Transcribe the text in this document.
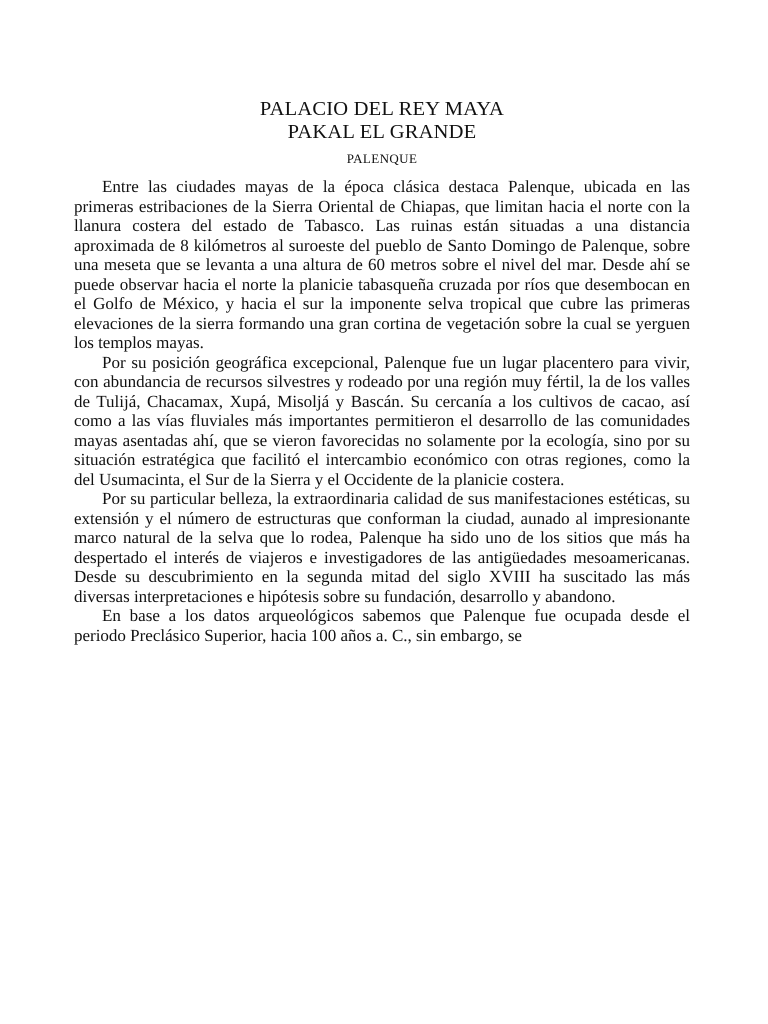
PALACIO DEL REY MAYA
PAKAL EL GRANDE
PALENQUE

Entre las ciudades mayas de la época clásica destaca Palenque, ubicada en las primeras estribaciones de la Sierra Oriental de Chiapas, que limitan hacia el norte con la llanura costera del estado de Tabasco. Las ruinas están situadas a una distancia aproximada de 8 kilómetros al suroeste del pueblo de Santo Domingo de Palenque, sobre una meseta que se levanta a una altura de 60 metros sobre el nivel del mar. Desde ahí se puede observar hacia el norte la planicie tabasqueña cruzada por ríos que desembocan en el Golfo de México, y hacia el sur la imponente selva tropical que cubre las primeras elevaciones de la sierra formando una gran cortina de vegetación sobre la cual se yerguen los templos mayas.

Por su posición geográfica excepcional, Palenque fue un lugar placentero para vivir, con abundancia de recursos silvestres y rodeado por una región muy fértil, la de los valles de Tulijá, Chacamax, Xupá, Misoljá y Bascán. Su cercanía a los cultivos de cacao, así como a las vías fluviales más importantes permitieron el desarrollo de las comunidades mayas asentadas ahí, que se vieron favorecidas no solamente por la ecología, sino por su situación estratégica que facilitó el intercambio económico con otras regiones, como la del Usumacinta, el Sur de la Sierra y el Occidente de la planicie costera.

Por su particular belleza, la extraordinaria calidad de sus manifestaciones estéticas, su extensión y el número de estructuras que conforman la ciudad, aunado al impresionante marco natural de la selva que lo rodea, Palenque ha sido uno de los sitios que más ha despertado el interés de viajeros e investigadores de las antigüedades mesoamericanas. Desde su descubrimiento en la segunda mitad del siglo XVIII ha suscitado las más diversas interpretaciones e hipótesis sobre su fundación, desarrollo y abandono.

En base a los datos arqueológicos sabemos que Palenque fue ocupada desde el periodo Preclásico Superior, hacia 100 años a. C., sin embargo, se
